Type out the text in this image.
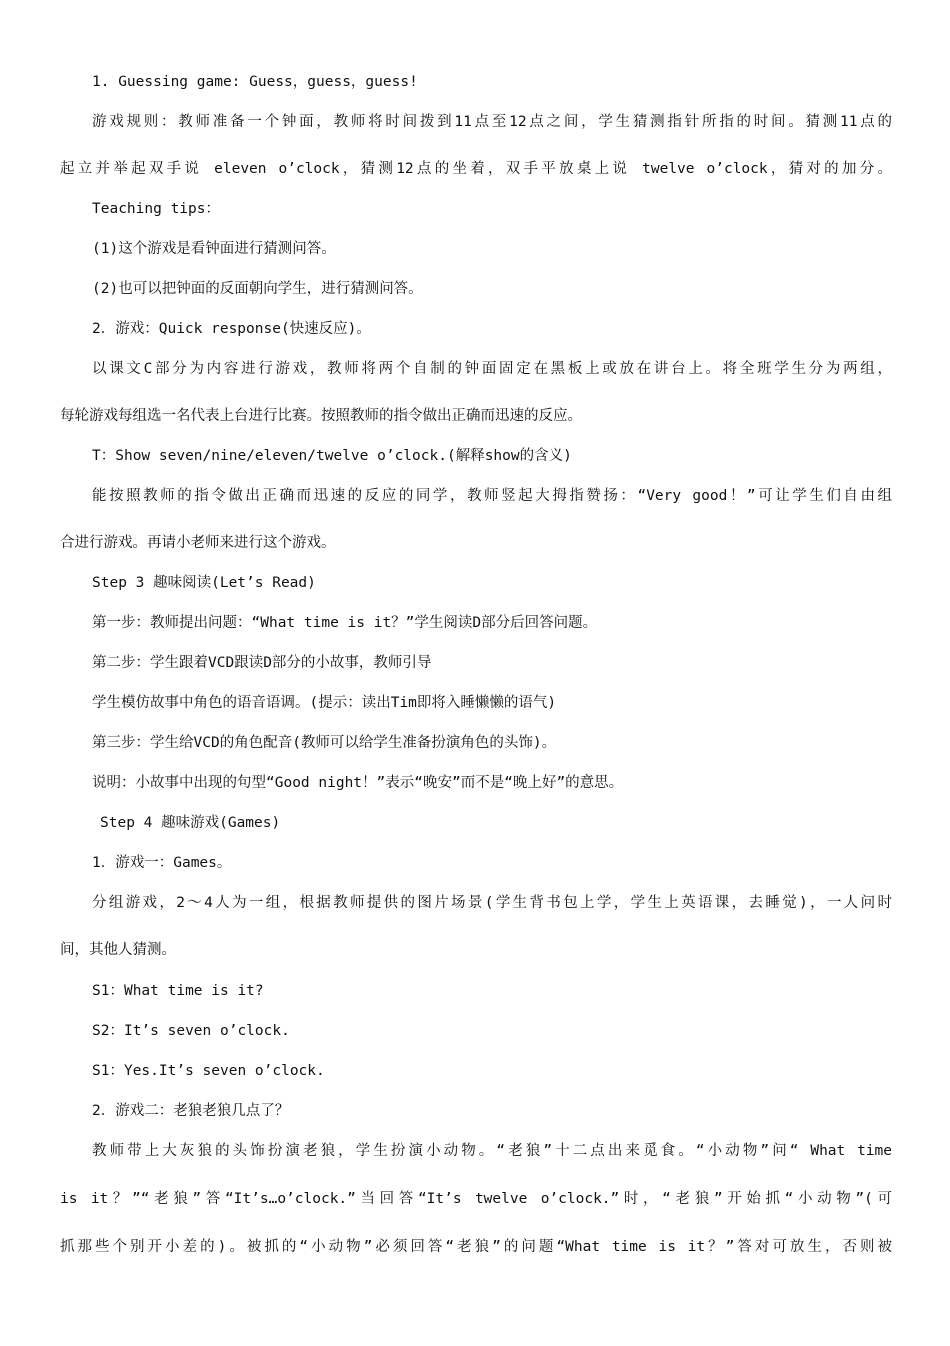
1. Guessing game: Guess，guess，guess!
游戏规则：教师准备一个钟面，教师将时间拨到11点至12点之间，学生猜测指针所指的时间。猜测11点的
起立并举起双手说 eleven o’clock，猜测12点的坐着，双手平放桌上说 twelve o’clock，猜对的加分。
Teaching tips：
(1)这个游戏是看钟面进行猜测问答。
(2)也可以把钟面的反面朝向学生，进行猜测问答。
2．游戏：Quick response(快速反应)。
以课文C部分为内容进行游戏，教师将两个自制的钟面固定在黑板上或放在讲台上。将全班学生分为两组，
每轮游戏每组选一名代表上台进行比赛。按照教师的指令做出正确而迅速的反应。
T：Show seven/nine/eleven/twelve o’clock.(解释show的含义)
能按照教师的指令做出正确而迅速的反应的同学，教师竖起大拇指赞扬：“Very good！”可让学生们自由组
合进行游戏。再请小老师来进行这个游戏。
Step 3 趣味阅读(Let’s Read)
第一步：教师提出问题：“What time is it？”学生阅读D部分后回答问题。
第二步：学生跟着VCD跟读D部分的小故事，教师引导
学生模仿故事中角色的语音语调。(提示：读出Tim即将入睡懒懒的语气)
第三步：学生给VCD的角色配音(教师可以给学生准备扮演角色的头饰)。
说明：小故事中出现的句型“Good night！”表示“晚安”而不是“晚上好”的意思。
Step 4 趣味游戏(Games)
1．游戏一：Games。
分组游戏，2～4人为一组，根据教师提供的图片场景(学生背书包上学，学生上英语课，去睡觉)，一人问时
间，其他人猜测。
S1：What time is it?
S2：It’s seven o’clock.
S1：Yes.It’s seven o’clock.
2．游戏二：老狼老狼几点了？
教师带上大灰狼的头饰扮演老狼，学生扮演小动物。“老狼”十二点出来觅食。“小动物”问“ What time
is it？”“老狼”答“It’s…o’clock.”当回答“It’s twelve o’clock.”时，“老狼”开始抓“小动物”(可
抓那些个别开小差的)。被抓的“小动物”必须回答“老狼”的问题“What time is it？”答对可放生，否则被
